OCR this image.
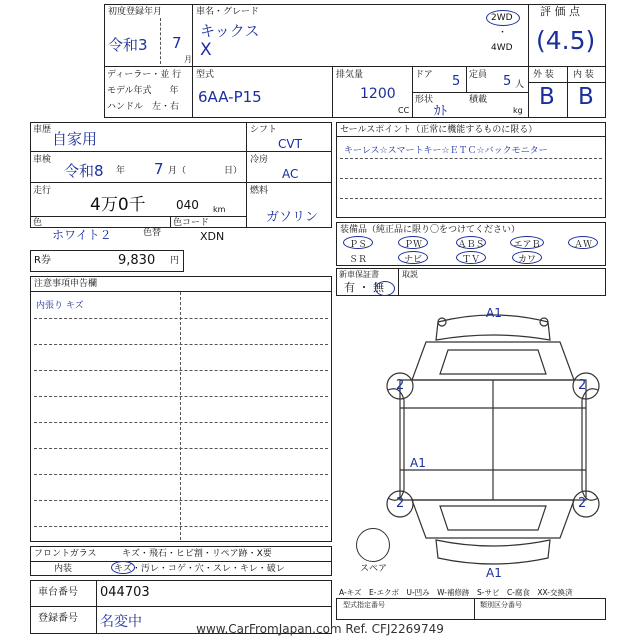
初度登録年月
令和3 7
月
車名・グレード
キックス
X
2WD
・
4WD
評 価 点
(4.5)
ディーラー・並 行
モデル年式　　年
ハンドル　左・右
型式
6AA-P15
排気量
1200
CC
ドア 5 定員 5 人
形状
ｶﾄ
積載
kg
外 装 内 装
B B
車歴 自家用
車検
令和8 年 7 月（	日）
走行
4万0千	040 km
色
ホワイト２	色替
色コード
XDN
シフト
CVT
冷房
AC
燃料
ガソリン
R券	9,830 円
セールスポイント（正常に機能するものに限る）
キーレス☆スマートキー☆ＥＴＣ☆バックモニター
装備品（純正品に限り〇をつけてください）
ＰＳ	ＰＷ	ＡＢＳ	エアＢ	ＡＷ
ＳＲ	ナビ	ＴＶ	カワ
新車保証書
有 ・ 無
取説
注意事項申告欄
内張り キズ	A1
A1
A1
2	2
2	2
スペア
A-キズ　E-エクボ　U-凹み　W-補修跡　S-サビ　C-腐食　XX-交換済
フロントガラス	キズ・飛石・ヒビ割・リペア跡・X要
内装	キズ・汚レ・コゲ・穴・スレ・キレ・破レ
車台番号 044703
登録番号 名変中
型式指定番号	類別区分番号
www.CarFromJapan.com Ref. CFJ2269749
